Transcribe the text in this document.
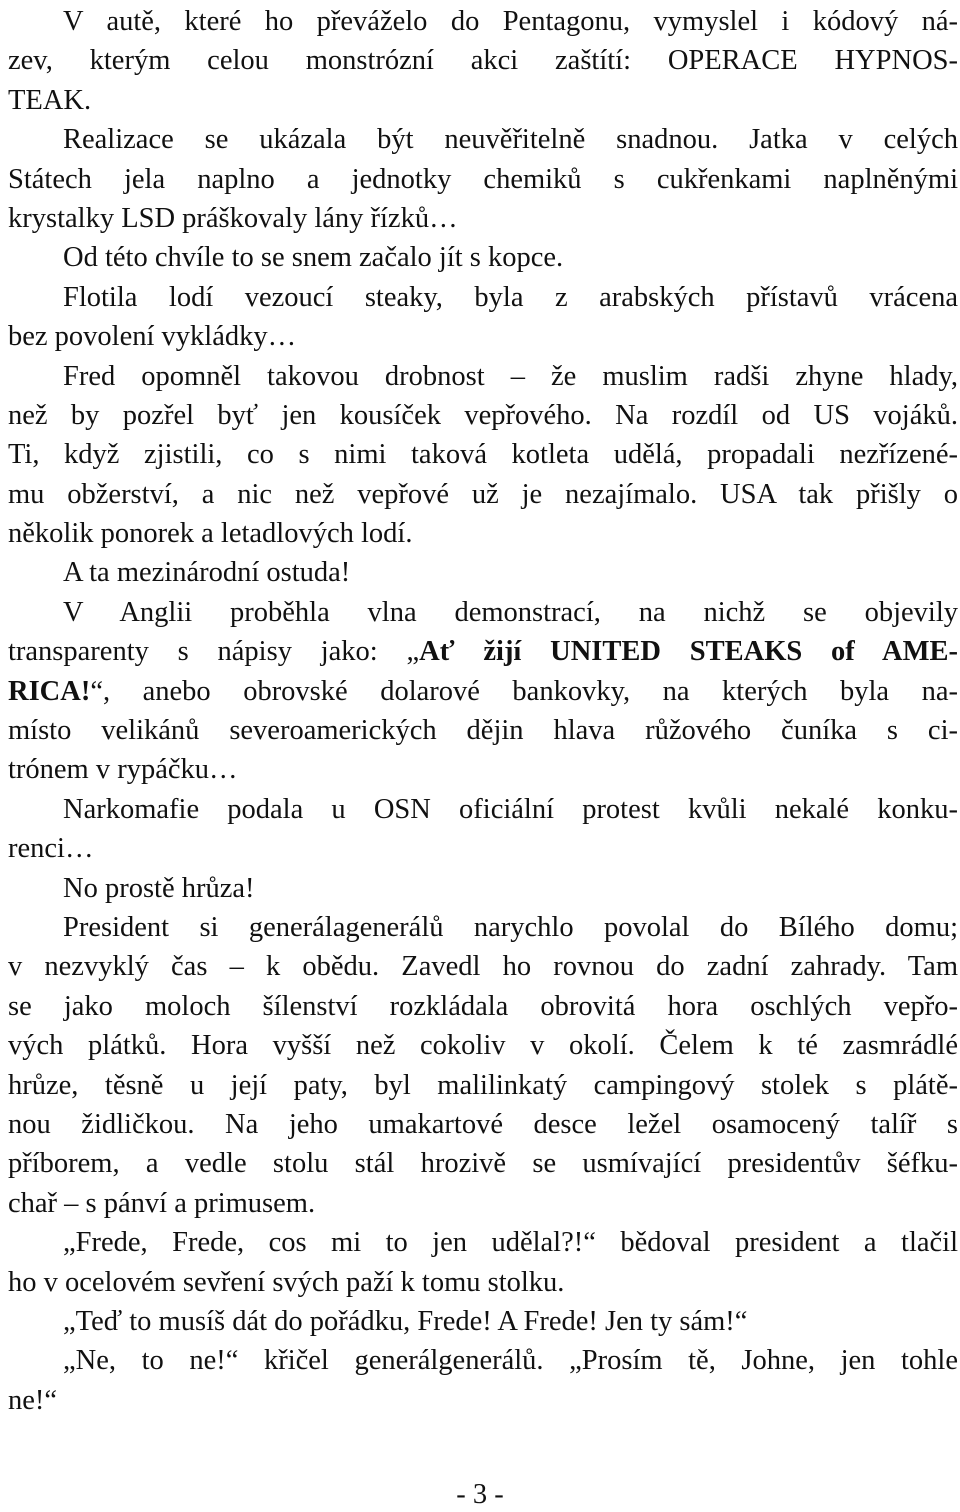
V autě, které ho převáželo do Pentagonu, vymyslel i kódový ná-
zev, kterým celou monstrózní akci zaštítí: OPERACE HYPNOS-
TEAK.
Realizace se ukázala být neuvěřitelně snadnou. Jatka v celých
Státech jela naplno a jednotky chemiků s cukřenkami naplněnými
krystalky LSD práškovaly lány řízků…
Od této chvíle to se snem začalo jít s kopce.
Flotila lodí vezoucí steaky, byla z arabských přístavů vrácena
bez povolení vykládky…
Fred opomněl takovou drobnost – že muslim radši zhyne hlady,
než by pozřel byť jen kousíček vepřového. Na rozdíl od US vojáků.
Ti, když zjistili, co s nimi taková kotleta udělá, propadali nezřízené-
mu obžerství, a nic než vepřové už je nezajímalo. USA tak přišly o
několik ponorek a letadlových lodí.
A ta mezinárodní ostuda!
V Anglii proběhla vlna demonstrací, na nichž se objevily
transparenty s nápisy jako: „Ať žijí UNITED STEAKS of AME-
RICA!“, anebo obrovské dolarové bankovky, na kterých byla na-
místo velikánů severoamerických dějin hlava růžového čuníka s ci-
trónem v rypáčku…
Narkomafie podala u OSN oficiální protest kvůli nekalé konku-
renci…
No prostě hrůza!
President si generálagenerálů narychlo povolal do Bílého domu;
v nezvyklý čas – k obědu. Zavedl ho rovnou do zadní zahrady. Tam
se jako moloch šílenství rozkládala obrovitá hora oschlých vepřo-
vých plátků. Hora vyšší než cokoliv v okolí. Čelem k té zasmrádlé
hrůze, těsně u její paty, byl malilinkatý campingový stolek s plátě-
nou židličkou. Na jeho umakartové desce ležel osamocený talíř s
příborem, a vedle stolu stál hrozivě se usmívající presidentův šéfku-
chař – s pánví a primusem.
„Frede, Frede, cos mi to jen udělal?!“ bědoval president a tlačil
ho v ocelovém sevření svých paží k tomu stolku.
„Teď to musíš dát do pořádku, Frede! A Frede! Jen ty sám!“
„Ne, to ne!“ křičel generálgenerálů. „Prosím tě, Johne, jen tohle
ne!“
- 3 -
